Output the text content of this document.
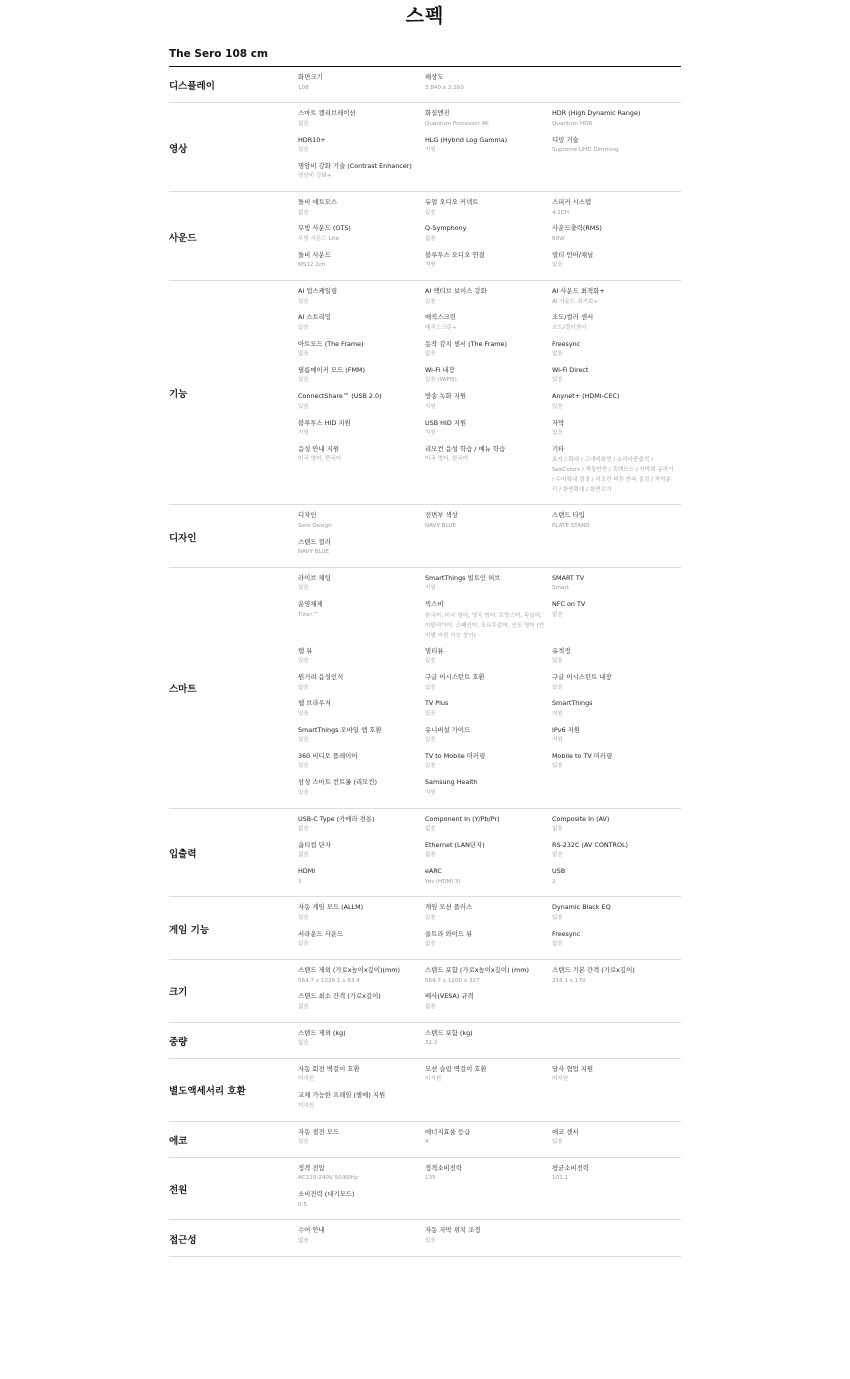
스펙
The Sero 108 cm
디스플레이
화면크기
108
해상도
3,840 x 2,160
영상
스마트 캘리브레이션
없음
화질엔진
Quantum Processor 4K
HDR (High Dynamic Range)
Quantum HDR
HDR10+
있음
HLG (Hybrid Log Gamma)
지원
디밍 기술
Supreme UHD Dimming
명암비 강화 기술 (Contrast Enhancer)
명암비 강화+
사운드
돌비 애트모스
없음
듀얼 오디오 커넥트
있음
스피커 시스템
4.1CH
무빙 사운드 (OTS)
무빙 사운드 Lite
Q-Symphony
없음
사운드출력(RMS)
60W
돌비 사운드
MS12 2ch
블루투스 오디오 연결
지원
멀티 언어/채널
없음
기능
AI 업스케일링
있음
AI 액티브 보이스 강화
있음
AI 사운드 최적화+
AI 사운드 최적화+
AI 스트리밍
있음
매직스크린
매직스크린+
조도/컬러 센서
조도/컬러센서
아트모드 (The Frame)
없음
동작 감지 센서 (The Frame)
없음
Freesync
없음
필름메이커 모드 (FMM)
있음
Wi-Fi 내장
있음 (WiFi5)
Wi-Fi Direct
있음
ConnectShare™ (USB 2.0)
있음
방송 녹화 지원
지원
Anynet+ (HDMI-CEC)
있음
블루투스 HID 지원
지원
USB HID 지원
지원
자막
있음
음성 안내 지원
미국 영어, 한국어
리모컨 음성 학습 / 메뉴 학습
미국 영어, 한국어
기타
표지스확대 / 고대비화면 / 소리다중출력 / SeeColors / 색상반전 / 흑백모드 / 자막위 동하기 / 수어확대 결정 / 리모컨 버튼 반복 설정 / 자막분리 / 화면확대 / 화면끄기
디자인
디자인
Sero Design
전면부 색상
NAVY BLUE
스탠드 타입
PLATE STAND
스탠드 컬러
NAVY BLUE
스마트
라이브 채팅
있음
SmartThings 빌트인 허브
지원
SMART TV
Smart
운영체제
Tizen™
빅스비
한국어, 미국 영어, 영국 영어, 프랑스어, 독일어, 이탈리아어, 스페인어, 포르투갈어, 인도 영어 (언어별 지원 기능 상이)
NFC on TV
없음
탭 뷰
있음
멀티뷰
있음
유적정
있음
원거리 음성인식
없음
구글 어시스턴트 호환
있음
구글 어시스턴트 내장
있음
웹 브라우저
있음
TV Plus
있음
SmartThings
지원
SmartThings 모바일 앱 호환
있음
유니버설 가이드
있음
IPv6 지원
지원
360 비디오 플레이어
있음
TV to Mobile 미러링
있음
Mobile to TV 미러링
있음
삼성 스마트 컨트롤 (리모컨)
있음
Samsung Health
지원
입출력
USB-C Type (카메라 전용)
없음
Component In (Y/Pb/Pr)
없음
Composite In (AV)
없음
옵티컬 단자
없음
Ethernet (LAN단자)
없음
RS-232C (AV CONTROL)
없음
HDMI
3
eARC
Yes (HDMI 3)
USB
2
게임 기능
자동 게임 모드 (ALLM)
있음
게임 모션 플러스
있음
Dynamic Black EQ
있음
서라운드 사운드
있음
울트라 와이드 뷰
없음
Freesync
없음
크기
스탠드 제외 (가로x높이x깊이)(mm)
564.7 x 1228.1 x 83.4
스탠드 포함 (가로x높이x깊이) (mm)
564.7 x 1200 x 327
스탠드 기본 간격 (가로x깊이)
218.1 x 170
스탠드 최소 간격 (가로x깊이)
없음
베사(VESA) 규격
없음
중량
스탠드 제외 (kg)
없음
스탠드 포함 (kg)
32.2
별도액세서리 호환
자동 회전 벽걸이 호환
미지원
모션 슬림 벽걸이 호환
미지원
당사 협업 지원
미지원
교체 가능한 프레임 (별매) 지원
미지원
에코
자동 절전 모드
있음
에너지효율 등급
4
에코 센서
있음
전원
정격 전압
AC220-240V 50/60Hz
정격소비전력
135
평균소비전력
101.1
소비전력 (대기모드)
0.5
접근성
수어 안내
없음
자동 자막 위치 조정
있음
